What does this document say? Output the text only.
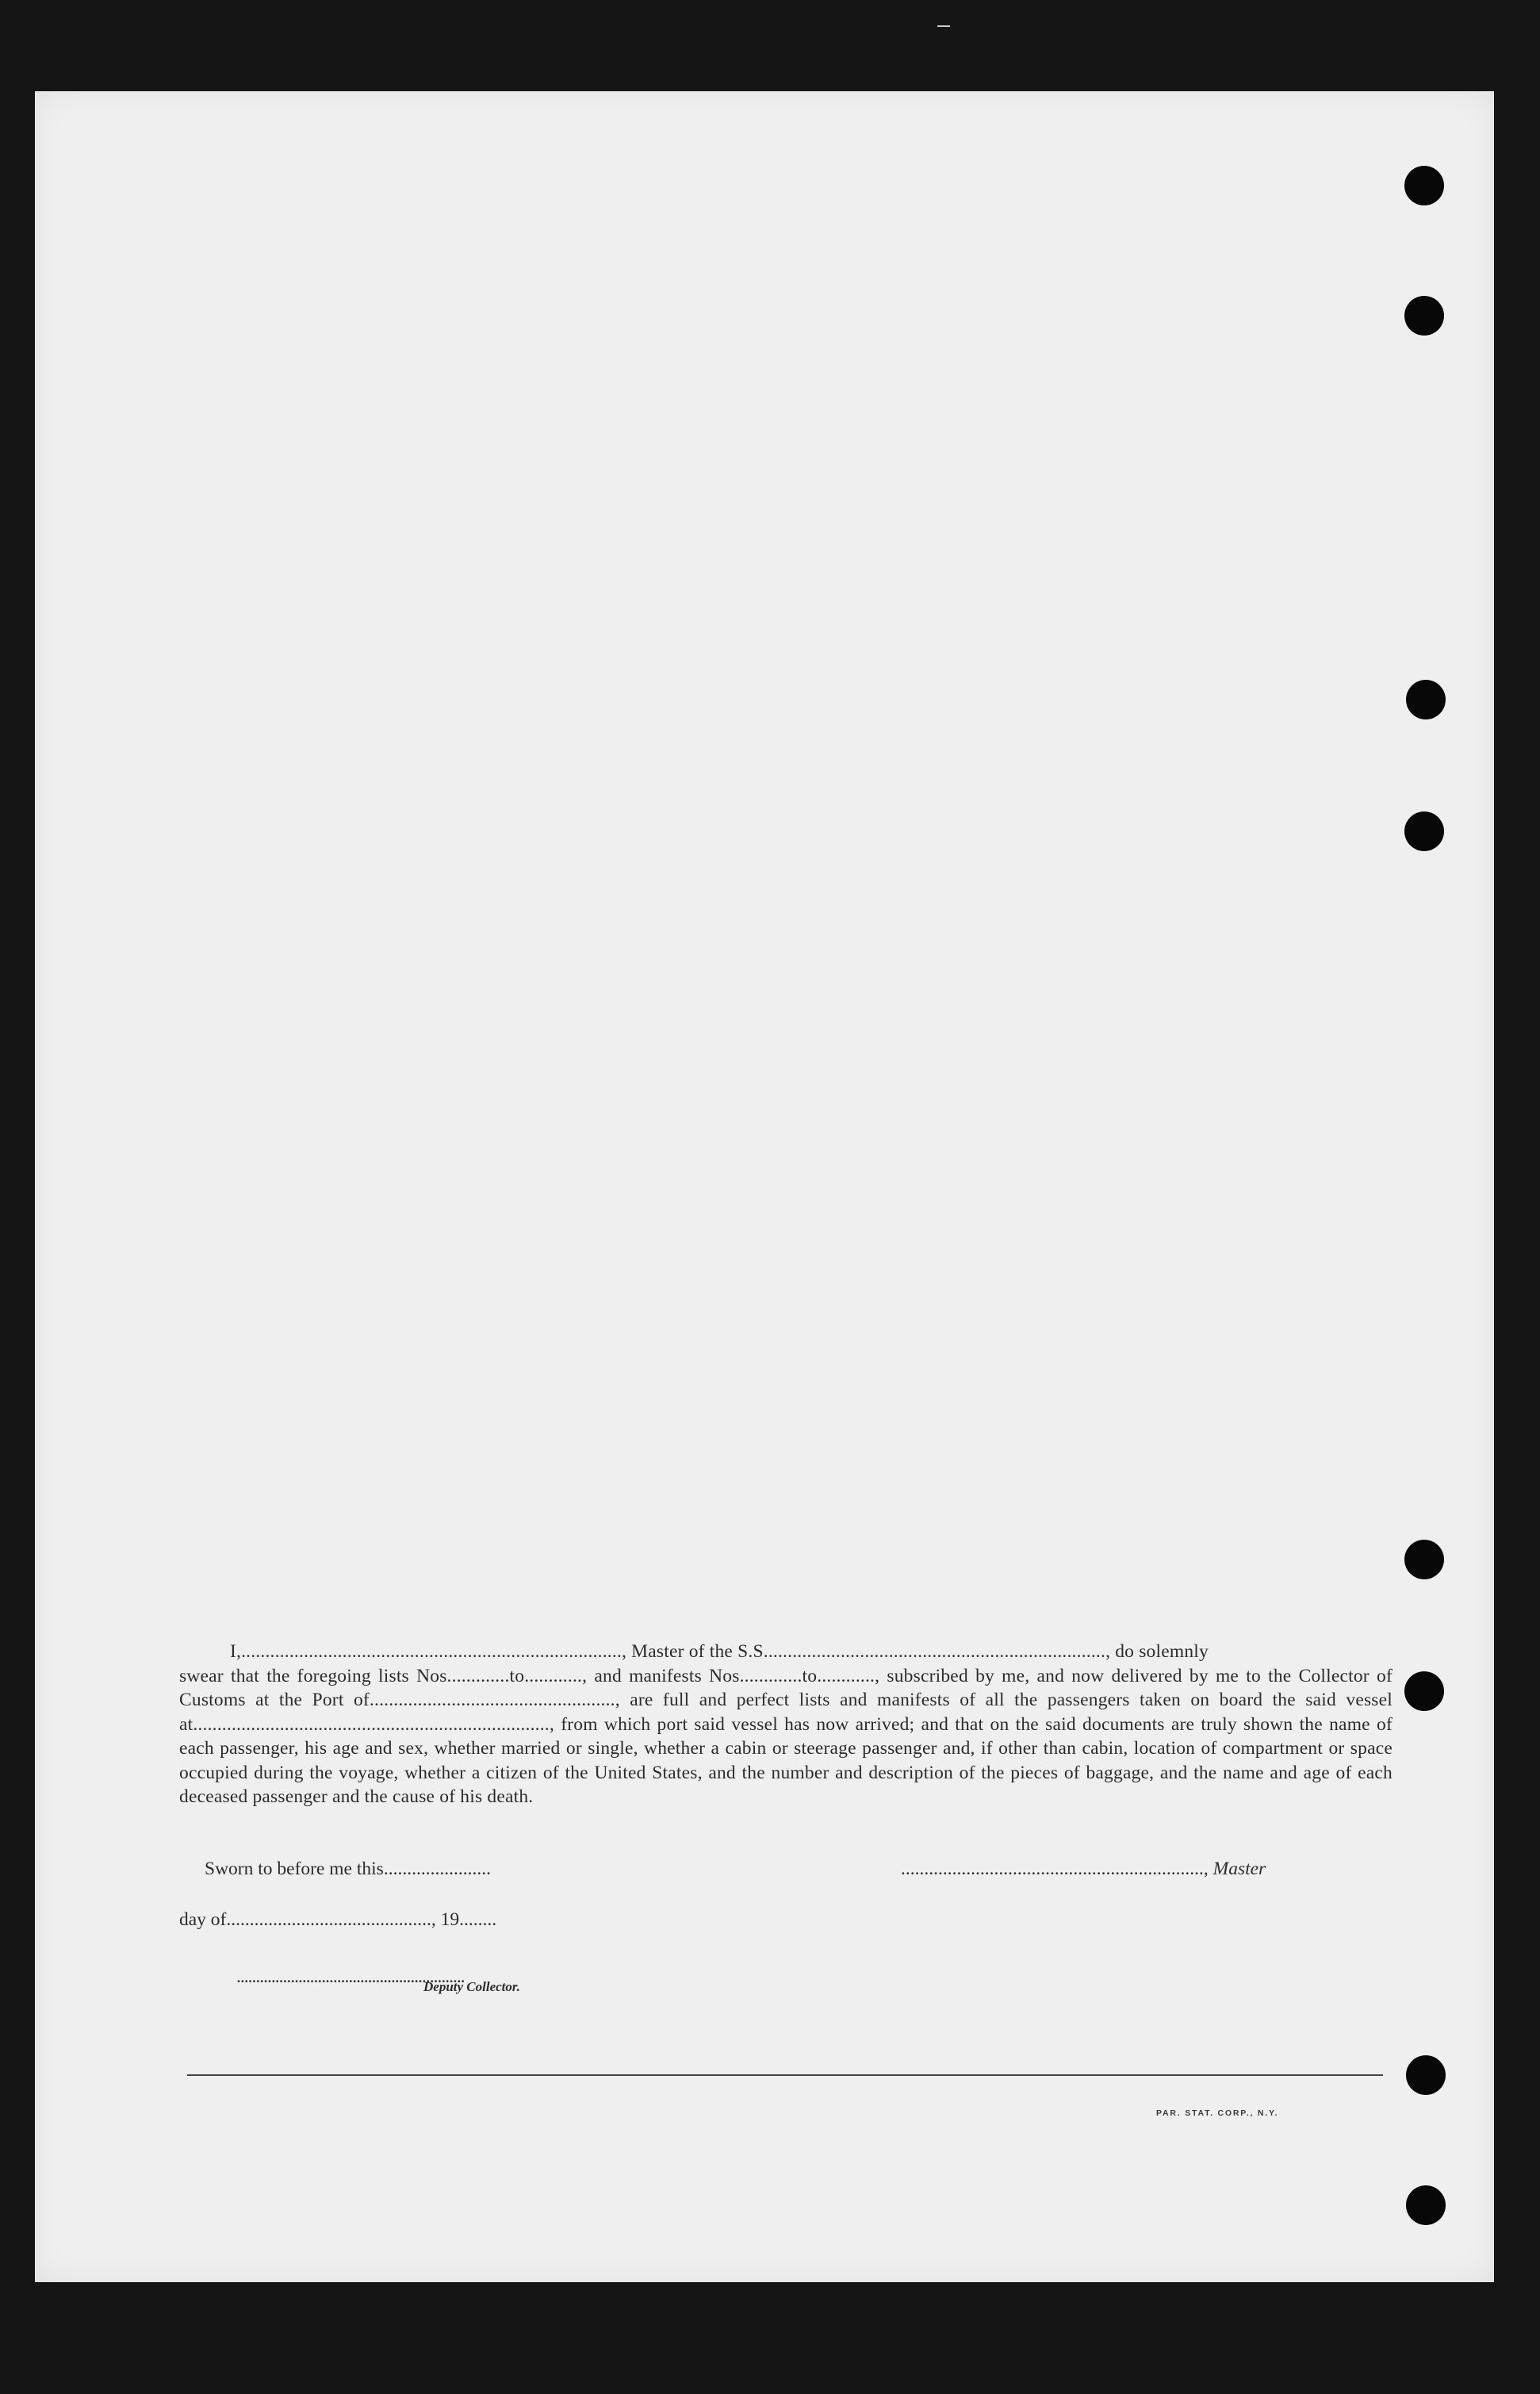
I,..............................................................................., Master of the S.S......................................................................., do solemnly

swear that the foregoing lists Nos.............to............, and manifests Nos.............to............, subscribed by me, and now delivered by me to the Collector of Customs at the Port of..................................................., are full and perfect lists and manifests of all the passengers taken on board the said vessel at.........................................................................., from which port said vessel has now arrived; and that on the said documents are truly shown the name of each passenger, his age and sex, whether married or single, whether a cabin or steerage passenger and, if other than cabin, location of compartment or space occupied during the voyage, whether a citizen of the United States, and the number and description of the pieces of baggage, and the name and age of each deceased passenger and the cause of his death.
Sworn to before me this.......................	................................................................., Master
day of............................................, 19........
...........................................................
Deputy Collector.
PAR. STAT. CORP., N.Y.
